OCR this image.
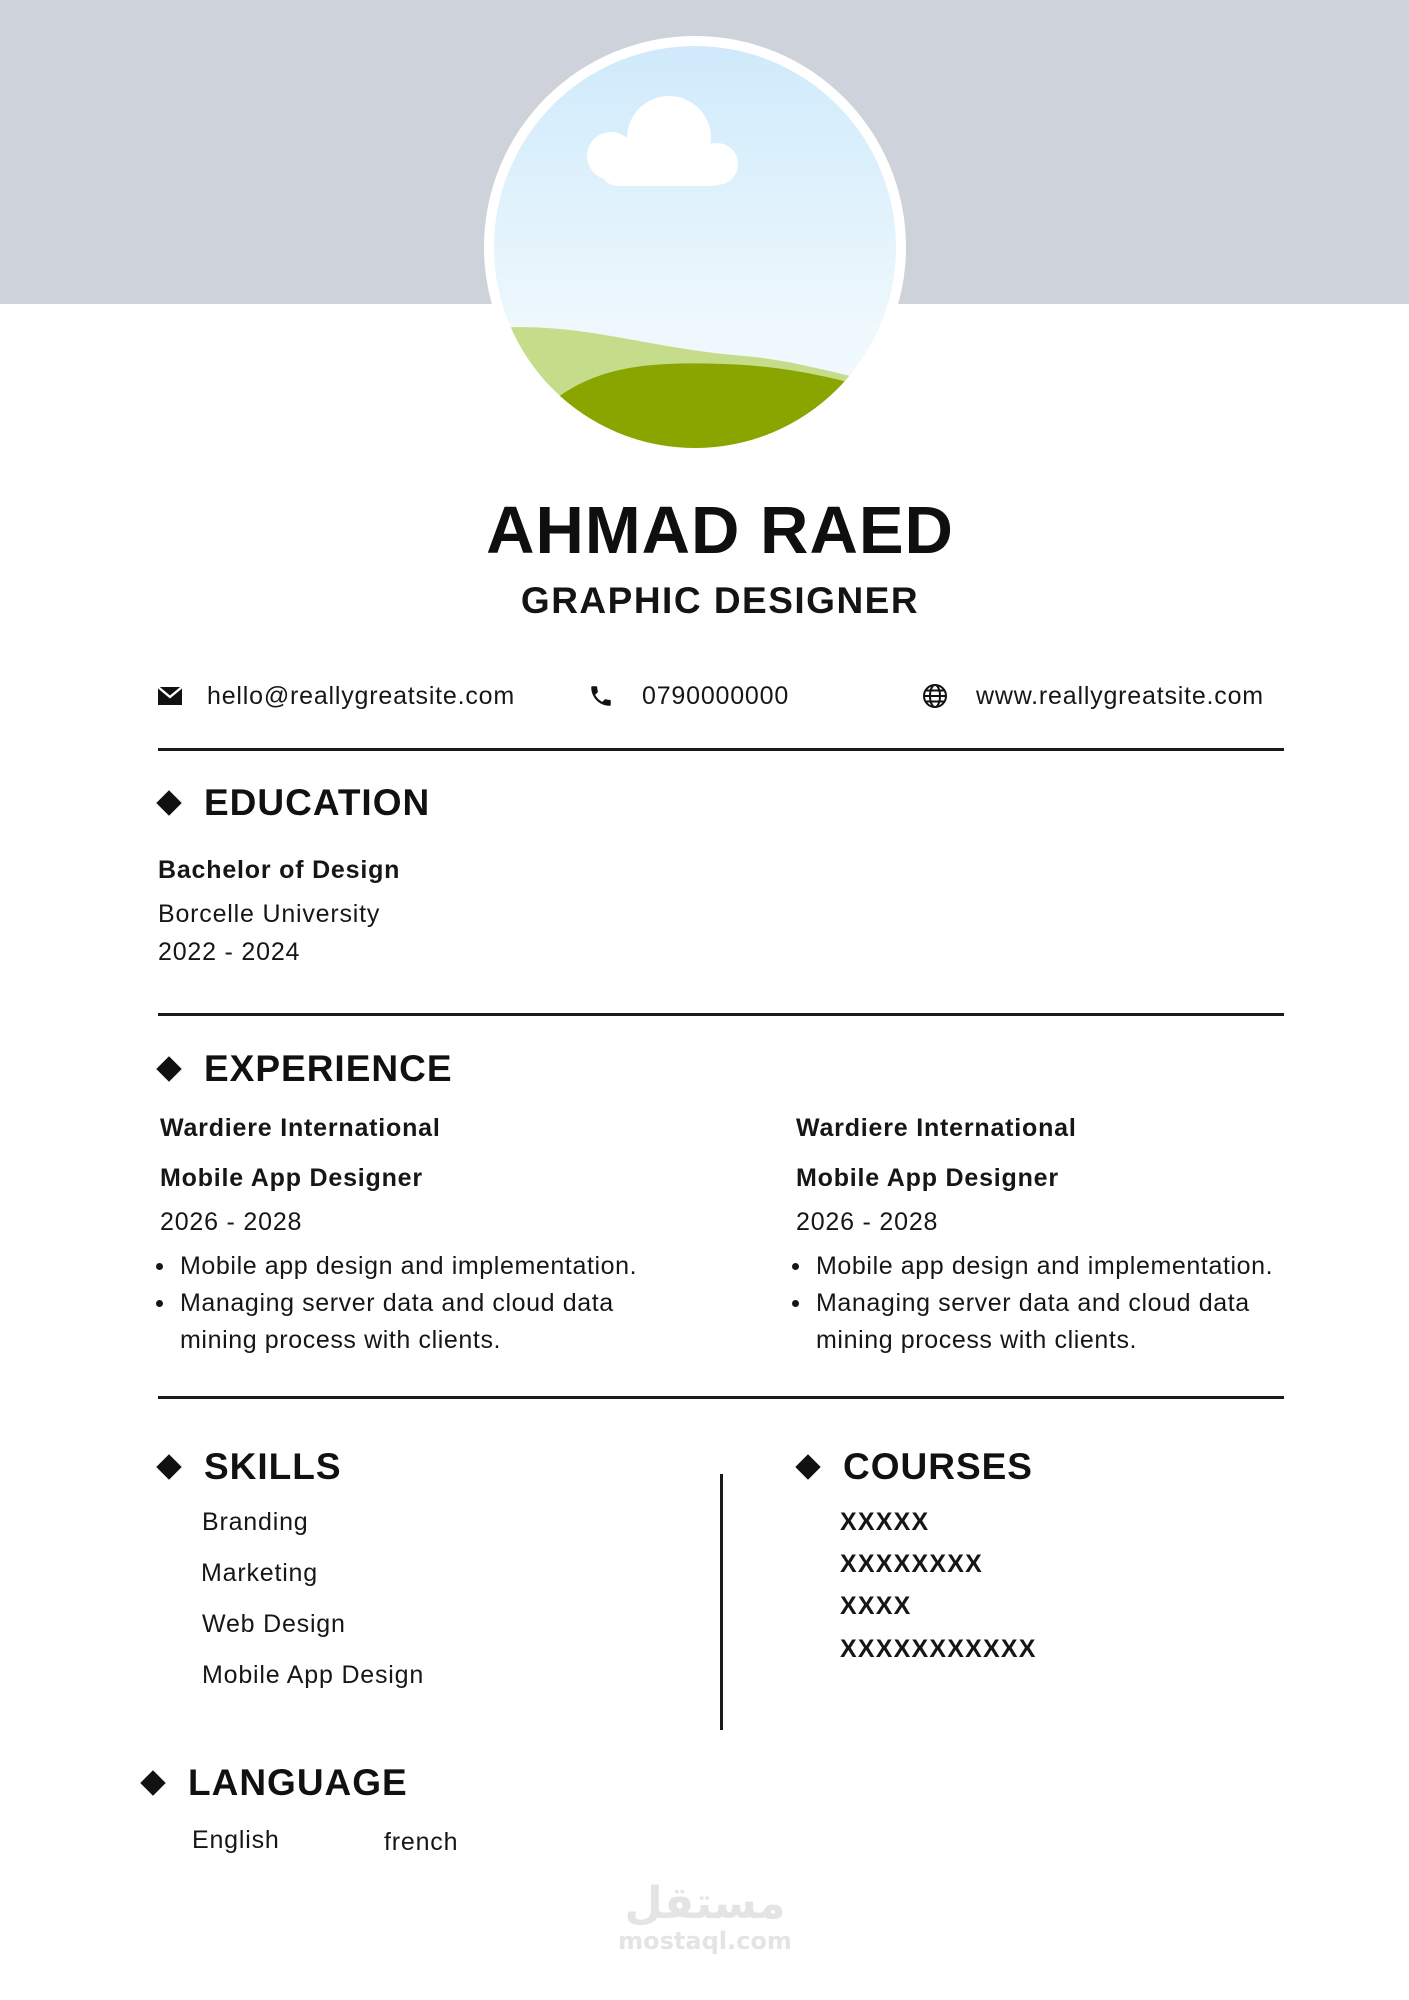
AHMAD RAED
GRAPHIC DESIGNER
hello@reallygreatsite.com	0790000000	www.reallygreatsite.com
EDUCATION
Bachelor of Design
Borcelle University
2022 - 2024
EXPERIENCE
Wardiere International
Mobile App Designer
2026 - 2028
Mobile app design and implementation.
Managing server data and cloud data mining process with clients.
Wardiere International
Mobile App Designer
2026 - 2028
Mobile app design and implementation.
Managing server data and cloud data mining process with clients.
SKILLS
Branding
Marketing
Web Design
Mobile App Design
COURSES
XXXXX
XXXXXXXX
XXXX
XXXXXXXXXXX
LANGUAGE
English	french
مستقل
mostaql.com
